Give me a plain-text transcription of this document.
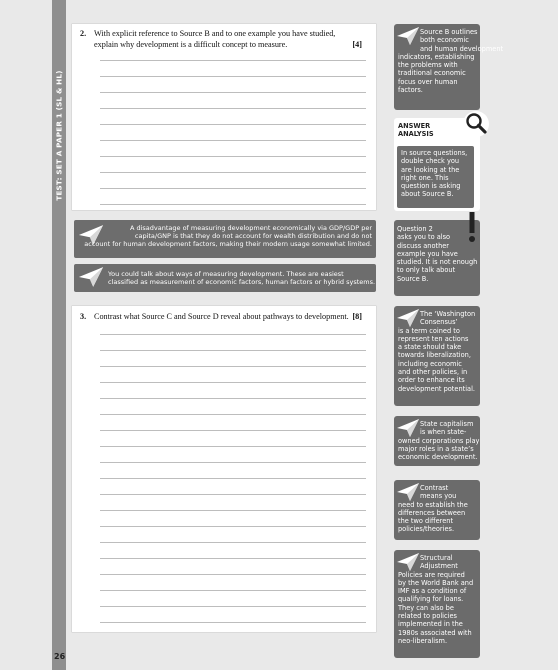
TEST: SET A PAPER 1 (SL & HL)
26
2. With explicit reference to Source B and to one example you have studied,
explain why development is a difficult concept to measure.	[4]
3. Contrast what Source C and Source D reveal about pathways to development. [8]
Source B outlines
both economic
and human development
indicators, establishing
the problems with
traditional economic
focus over human
factors.
ANSWER
ANALYSIS
In source questions,
double check you
are looking at the
right one. This
question is asking
about Source B.
Question 2
asks you to also
discuss another
example you have
studied. It is not enough
to only talk about
Source B.
The ‘Washington
Consensus’
is a term coined to
represent ten actions
a state should take
towards liberalization,
including economic
and other policies, in
order to enhance its
development potential.
State capitalism
is when state-
owned corporations play
major roles in a state’s
economic development.
Contrast
means you
need to establish the
differences between
the two different
policies/theories.
Structural
Adjustment
Policies are required
by the World Bank and
IMF as a condition of
qualifying for loans.
They can also be
related to policies
implemented in the
1980s associated with
neo-liberalism.
A disadvantage of measuring development economically via GDP/GDP per
capita/GNP is that they do not account for wealth distribution and do not
account for human development factors, making their modern usage somewhat limited.
You could talk about ways of measuring development. These are easiest
classified as measurement of economic factors, human factors or hybrid systems.
